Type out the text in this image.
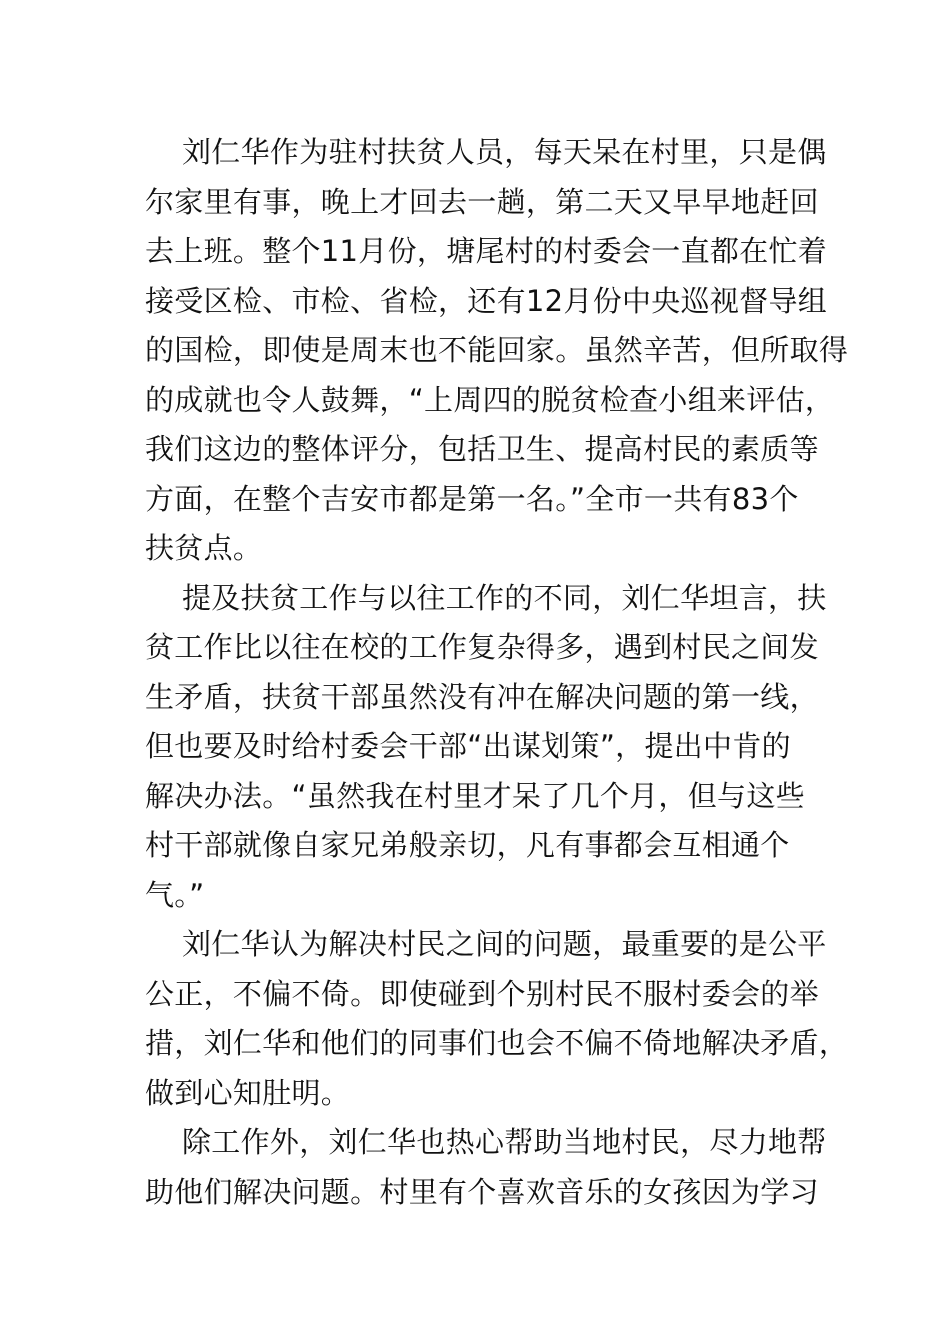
刘仁华作为驻村扶贫人员，每天呆在村里，只是偶
尔家里有事，晚上才回去一趟，第二天又早早地赶回
去上班。整个11月份，塘尾村的村委会一直都在忙着
接受区检、市检、省检，还有12月份中央巡视督导组
的国检，即使是周末也不能回家。虽然辛苦，但所取得
的成就也令人鼓舞，“上周四的脱贫检查小组来评估，
我们这边的整体评分，包括卫生、提高村民的素质等
方面，在整个吉安市都是第一名。”全市一共有83个
扶贫点。

提及扶贫工作与以往工作的不同，刘仁华坦言，扶
贫工作比以往在校的工作复杂得多，遇到村民之间发
生矛盾，扶贫干部虽然没有冲在解决问题的第一线，
但也要及时给村委会干部“出谋划策”，提出中肯的
解决办法。“虽然我在村里才呆了几个月，但与这些
村干部就像自家兄弟般亲切，凡有事都会互相通个
气。”

刘仁华认为解决村民之间的问题，最重要的是公平
公正，不偏不倚。即使碰到个别村民不服村委会的举
措，刘仁华和他们的同事们也会不偏不倚地解决矛盾，
做到心知肚明。

除工作外，刘仁华也热心帮助当地村民，尽力地帮
助他们解决问题。村里有个喜欢音乐的女孩因为学习
